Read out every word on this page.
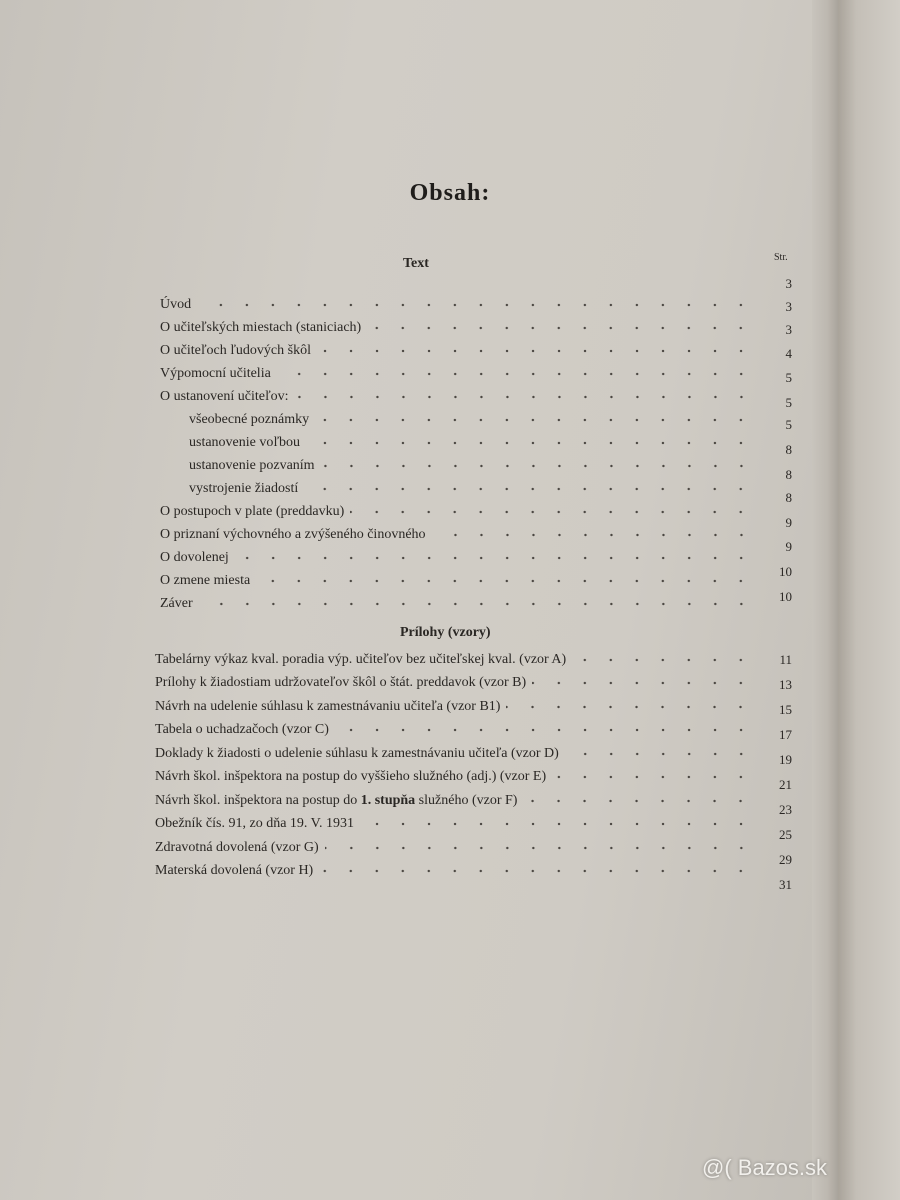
Obsah:
Text	Str.
Úvod
O učiteľských miestach (staniciach)
O učiteľoch ľudových škôl
Výpomocní učitelia
O ustanovení učiteľov:
všeobecné poznámky
ustanovenie voľbou
ustanovenie pozvaním
vystrojenie žiadostí
O postupoch v plate (preddavku)
O priznaní výchovného a zvýšeného činovného
O dovolenej
O zmene miesta
Záver
Prílohy (vzory)
Tabelárny výkaz kval. poradia výp. učiteľov bez učiteľskej kval. (vzor A)
Prílohy k žiadostiam udržovateľov škôl o štát. preddavok (vzor B)
Návrh na udelenie súhlasu k zamestnávaniu učiteľa (vzor B1)
Tabela o uchadzačoch (vzor C)
Doklady k žiadosti o udelenie súhlasu k zamestnávaniu učiteľa (vzor D)
Návrh škol. inšpektora na postup do vyššieho služného (adj.) (vzor E)
Návrh škol. inšpektora na postup do 1. stupňa služného (vzor F)
Obežník čís. 91, zo dňa 19. V. 1931
Zdravotná dovolená (vzor G)
Materská dovolená (vzor H)
3
3
3
4
5
5
5
8
8
8
9
9
10
10
11
13
15
17
19
21
23
25
29
31
@( Bazos.sk
